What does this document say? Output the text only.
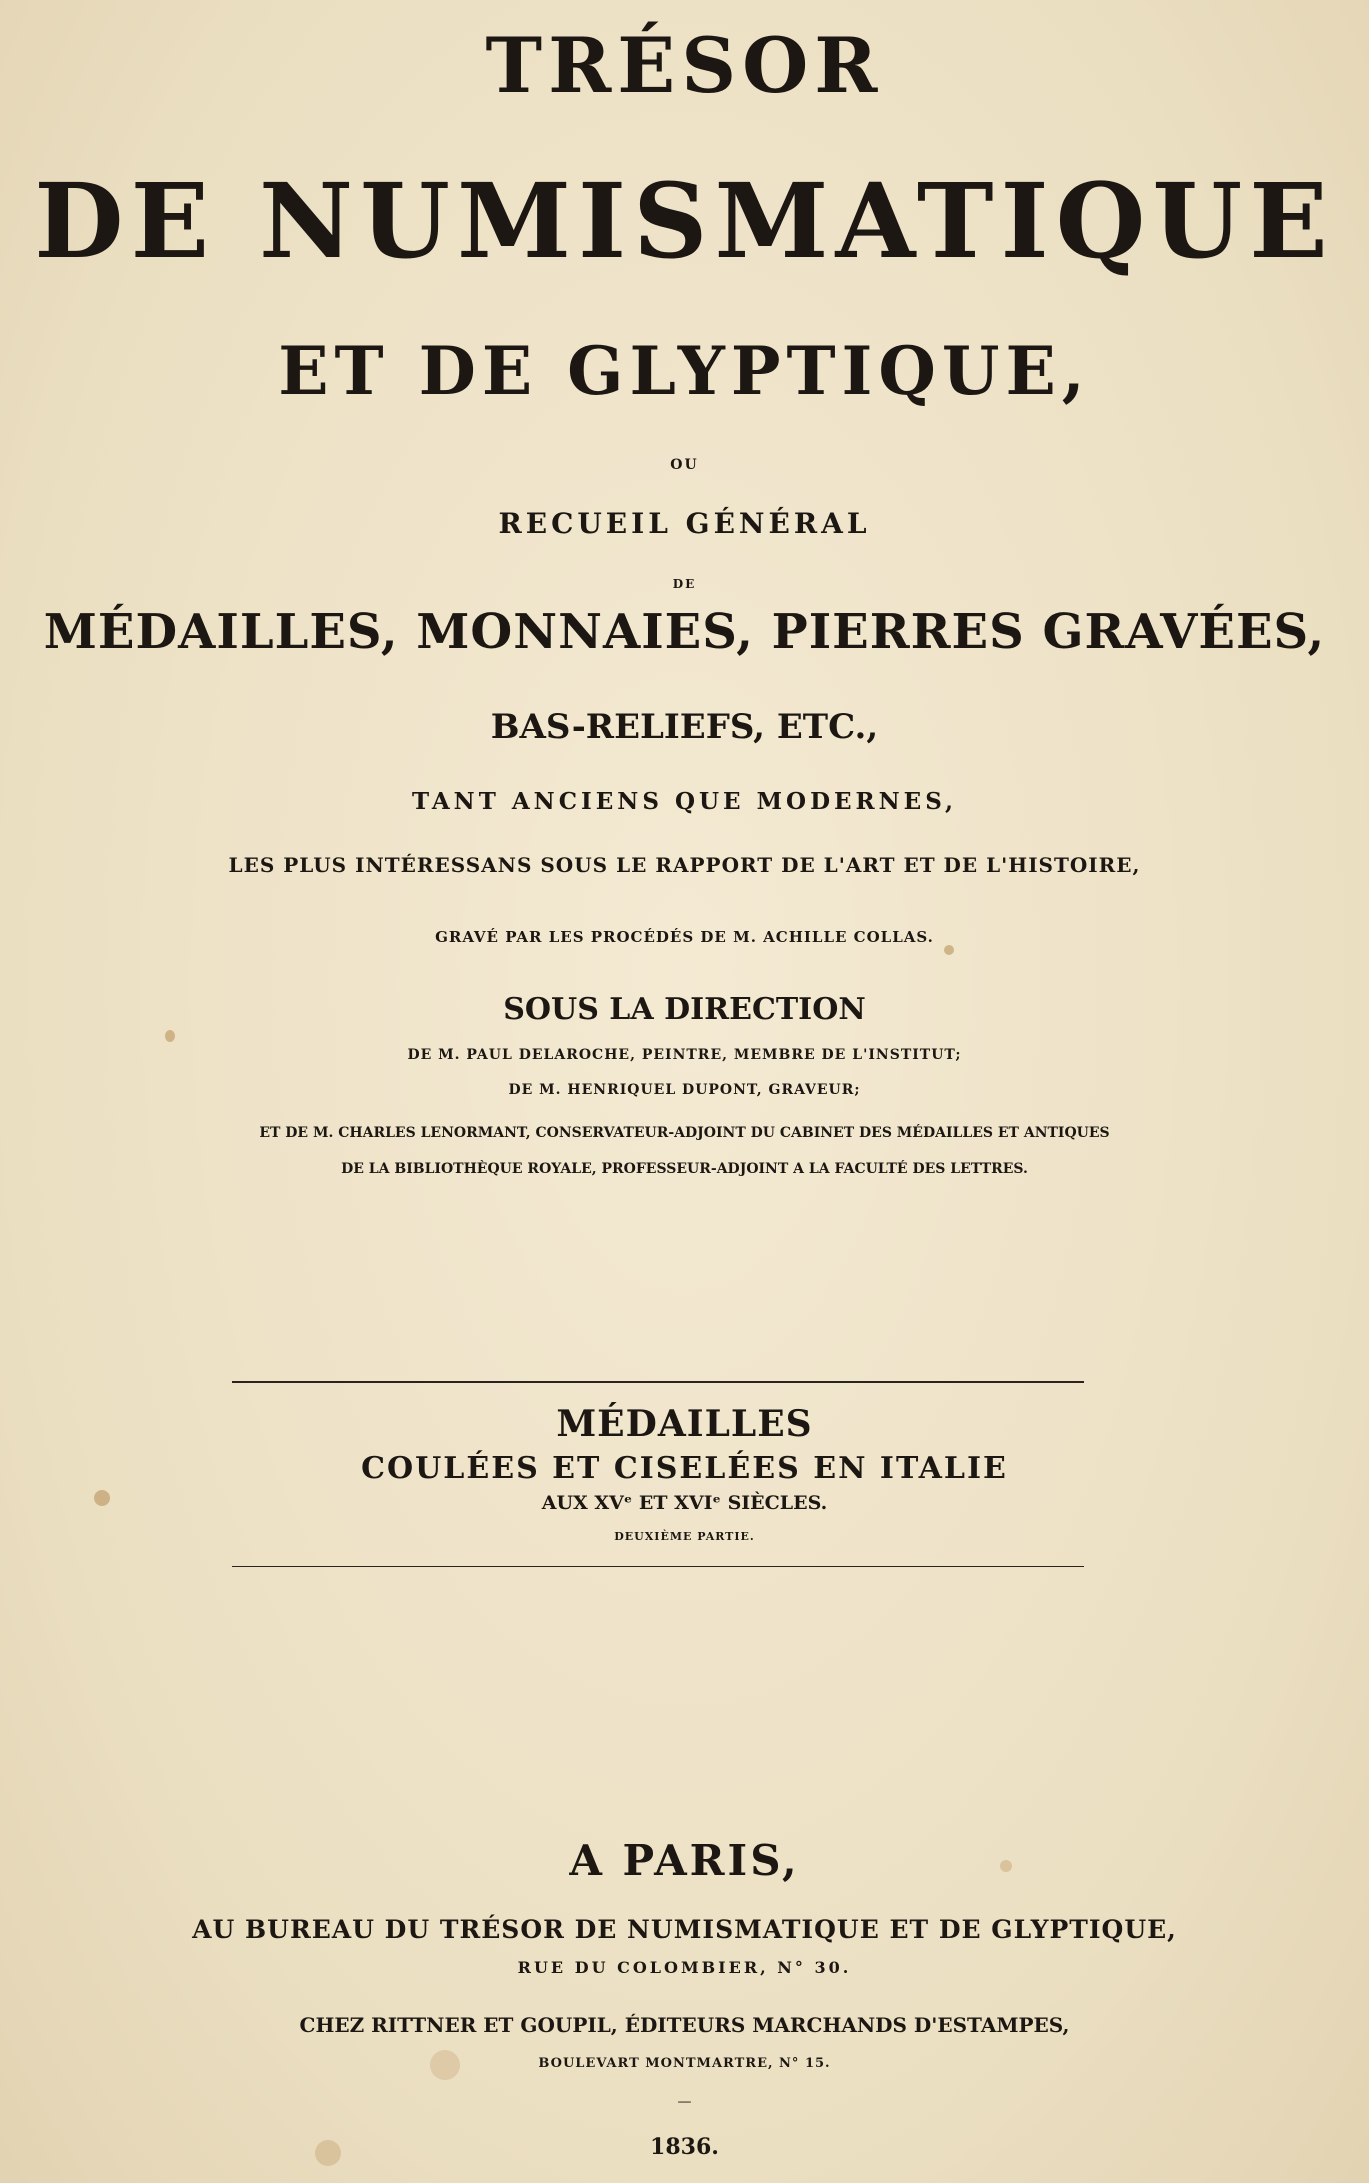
TRÉSOR
DE NUMISMATIQUE
ET DE GLYPTIQUE,
OU
RECUEIL GÉNÉRAL
DE
MÉDAILLES, MONNAIES, PIERRES GRAVÉES,
BAS-RELIEFS, ETC.,
TANT ANCIENS QUE MODERNES,
LES PLUS INTÉRESSANS SOUS LE RAPPORT DE L'ART ET DE L'HISTOIRE,
GRAVÉ PAR LES PROCÉDÉS DE M. ACHILLE COLLAS.
SOUS LA DIRECTION
DE M. PAUL DELAROCHE, PEINTRE, MEMBRE DE L'INSTITUT;
DE M. HENRIQUEL DUPONT, GRAVEUR;
ET DE M. CHARLES LENORMANT, CONSERVATEUR-ADJOINT DU CABINET DES MÉDAILLES ET ANTIQUES
DE LA BIBLIOTHÈQUE ROYALE, PROFESSEUR-ADJOINT A LA FACULTÉ DES LETTRES.
MÉDAILLES
COULÉES ET CISELÉES EN ITALIE
AUX XVᵉ ET XVIᵉ SIÈCLES.
DEUXIÈME PARTIE.
A PARIS,
AU BUREAU DU TRÉSOR DE NUMISMATIQUE ET DE GLYPTIQUE,
RUE DU COLOMBIER, N° 30.
CHEZ RITTNER ET GOUPIL, ÉDITEURS MARCHANDS D'ESTAMPES,
BOULEVART MONTMARTRE, N° 15.
—
1836.
